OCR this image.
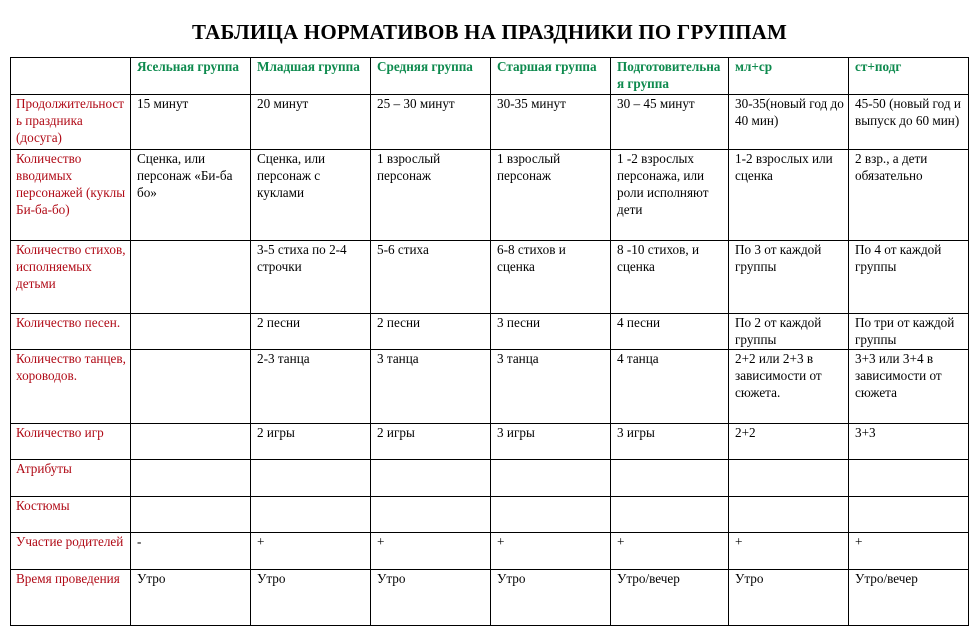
ТАБЛИЦА НОРМАТИВОВ НА ПРАЗДНИКИ ПО ГРУППАМ
	Ясельная группа	Младшая группа	Средняя группа	Старшая группа	Подготовительная группа	мл+ср	ст+подг
Продолжительность праздника (досуга)	15 минут	20 минут	25 – 30 минут	30-35 минут	30 – 45 минут	30-35(новый год до 40 мин)	45-50 (новый год и выпуск до 60 мин)
Количество вводимых персонажей (куклы Би-ба-бо)	Сценка, или персонаж «Би-ба бо»	Сценка, или персонаж с куклами	1 взрослый персонаж	1 взрослый персонаж	1 -2 взрослых персонажа, или роли исполняют дети	1-2 взрослых или сценка	2 взр., а дети обязательно
Количество стихов, исполняемых детьми		3-5 стиха по 2-4 строчки	5-6 стиха	6-8 стихов и сценка	8 -10 стихов, и сценка	По 3 от каждой группы	По 4 от каждой группы
Количество песен.		2 песни	2 песни	3 песни	4 песни	По 2 от каждой группы	По три от каждой группы
Количество танцев, хороводов.		2-3 танца	3 танца	3 танца	4 танца	2+2 или 2+3 в зависимости от сюжета.	3+3 или 3+4 в зависимости от сюжета
Количество игр		2 игры	2 игры	3 игры	3 игры	2+2	3+3
Атрибуты							
Костюмы							
Участие родителей	-	+	+	+	+	+	+
Время проведения	Утро	Утро	Утро	Утро	Утро/вечер	Утро	Утро/вечер
